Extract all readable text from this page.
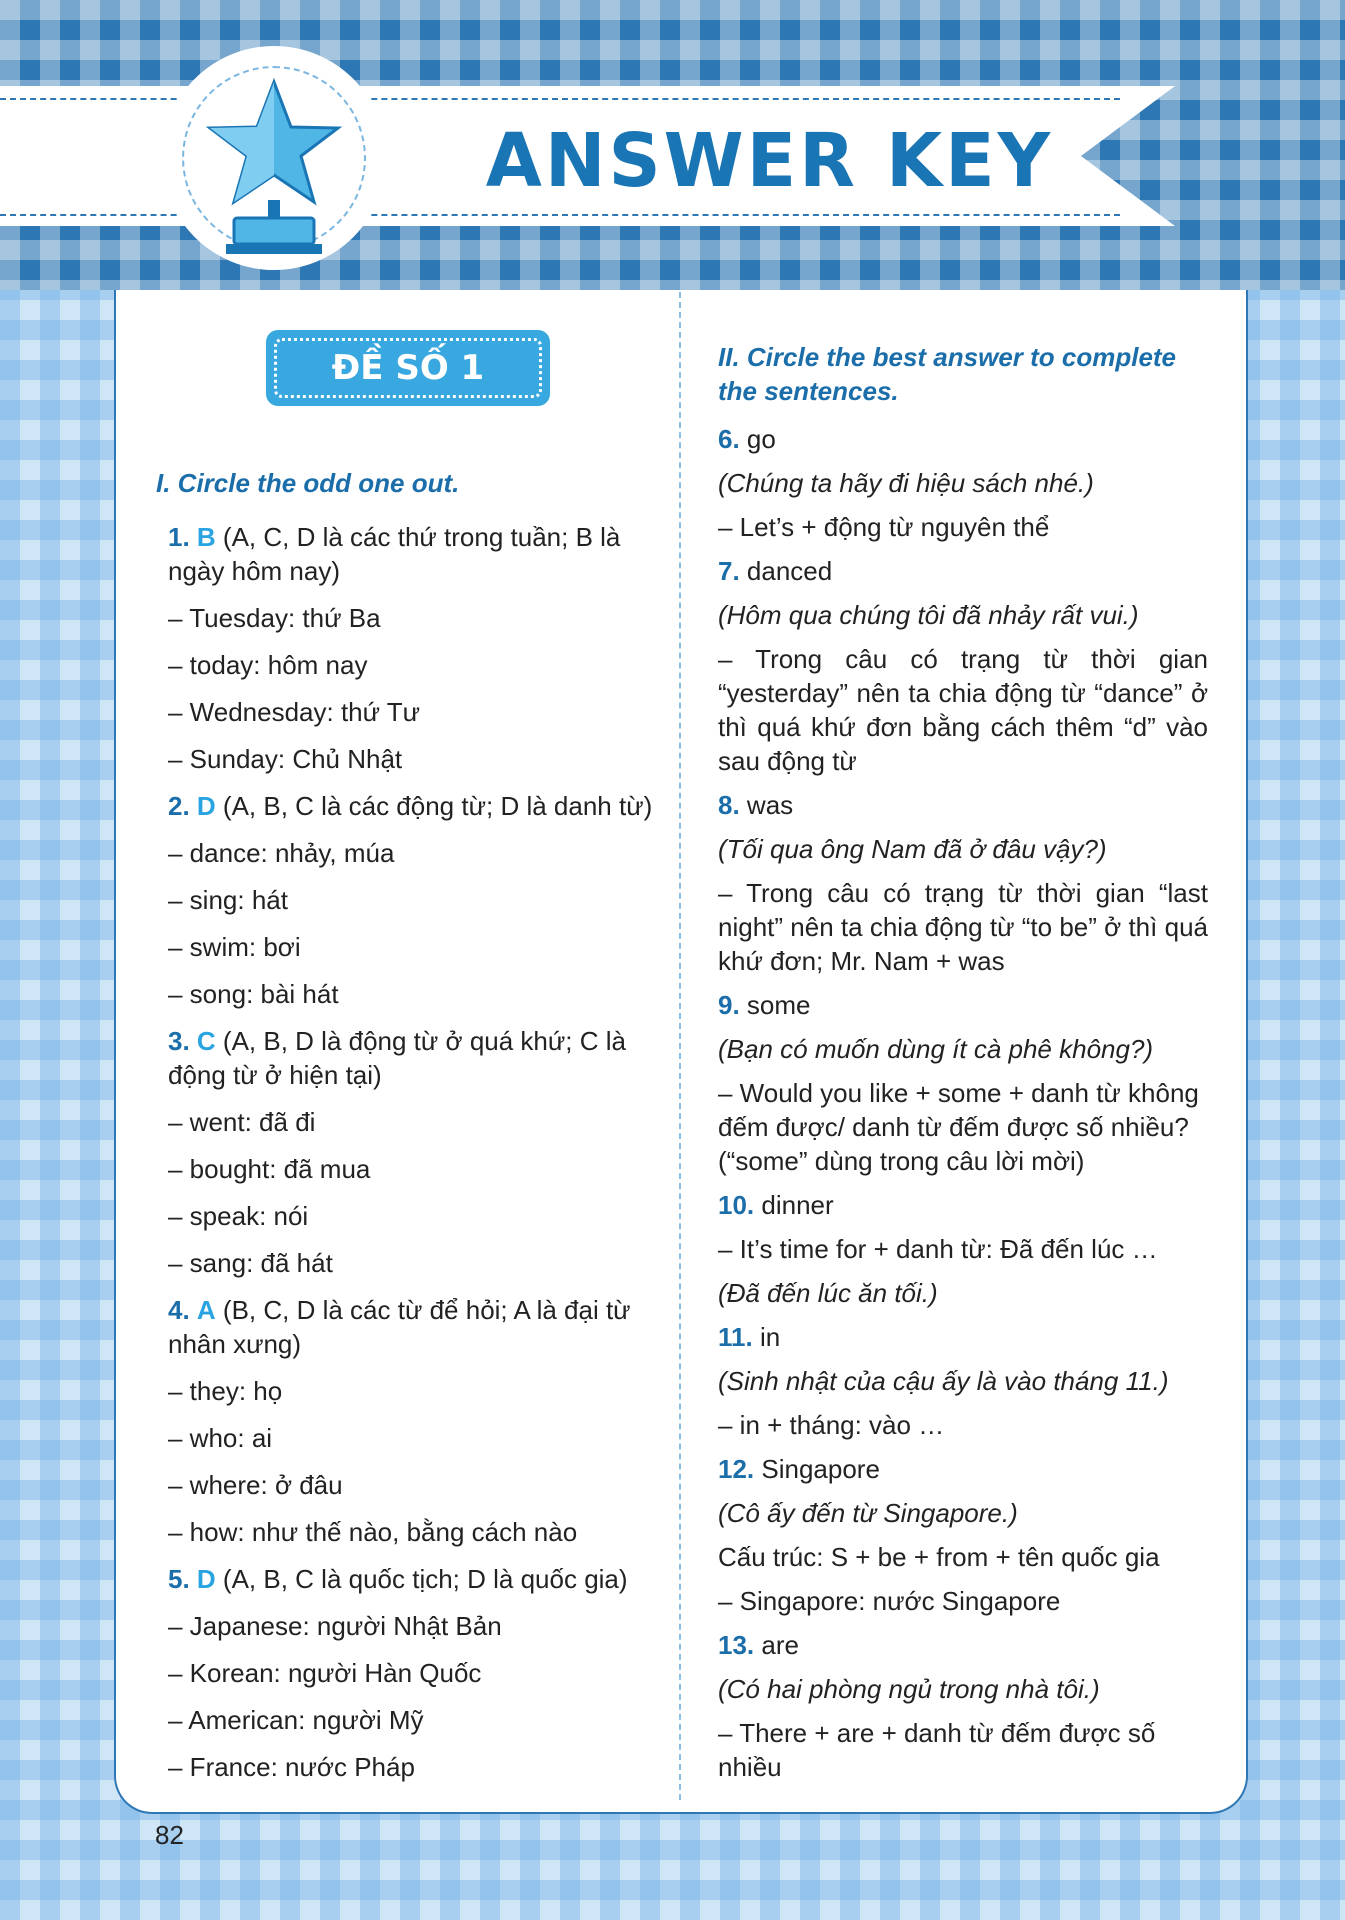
ANSWER KEY
ĐỀ SỐ 1
I. Circle the odd one out.
1. B (A, C, D là các thứ trong tuần; B là ngày hôm nay)
– Tuesday: thứ Ba
– today: hôm nay
– Wednesday: thứ Tư
– Sunday: Chủ Nhật
2. D (A, B, C là các động từ; D là danh từ)
– dance: nhảy, múa
– sing: hát
– swim: bơi
– song: bài hát
3. C (A, B, D là động từ ở quá khứ; C là động từ ở hiện tại)
– went: đã đi
– bought: đã mua
– speak: nói
– sang: đã hát
4. A (B, C, D là các từ để hỏi; A là đại từ nhân xưng)
– they: họ
– who: ai
– where: ở đâu
– how: như thế nào, bằng cách nào
5. D (A, B, C là quốc tịch; D là quốc gia)
– Japanese: người Nhật Bản
– Korean: người Hàn Quốc
– American: người Mỹ
– France: nước Pháp
II. Circle the best answer to complete the sentences.
6. go
(Chúng ta hãy đi hiệu sách nhé.)
– Let’s + động từ nguyên thể
7. danced
(Hôm qua chúng tôi đã nhảy rất vui.)
– Trong câu có trạng từ thời gian “yesterday” nên ta chia động từ “dance” ở thì quá khứ đơn bằng cách thêm “d” vào sau động từ
8. was
(Tối qua ông Nam đã ở đâu vậy?)
– Trong câu có trạng từ thời gian “last night” nên ta chia động từ “to be” ở thì quá khứ đơn; Mr. Nam + was
9. some
(Bạn có muốn dùng ít cà phê không?)
– Would you like + some + danh từ không đếm được/ danh từ đếm được số nhiều? (“some” dùng trong câu lời mời)
10. dinner
– It’s time for + danh từ: Đã đến lúc …
(Đã đến lúc ăn tối.)
11. in
(Sinh nhật của cậu ấy là vào tháng 11.)
– in + tháng: vào …
12. Singapore
(Cô ấy đến từ Singapore.)
Cấu trúc: S + be + from + tên quốc gia
– Singapore: nước Singapore
13. are
(Có hai phòng ngủ trong nhà tôi.)
– There + are + danh từ đếm được số nhiều
82
